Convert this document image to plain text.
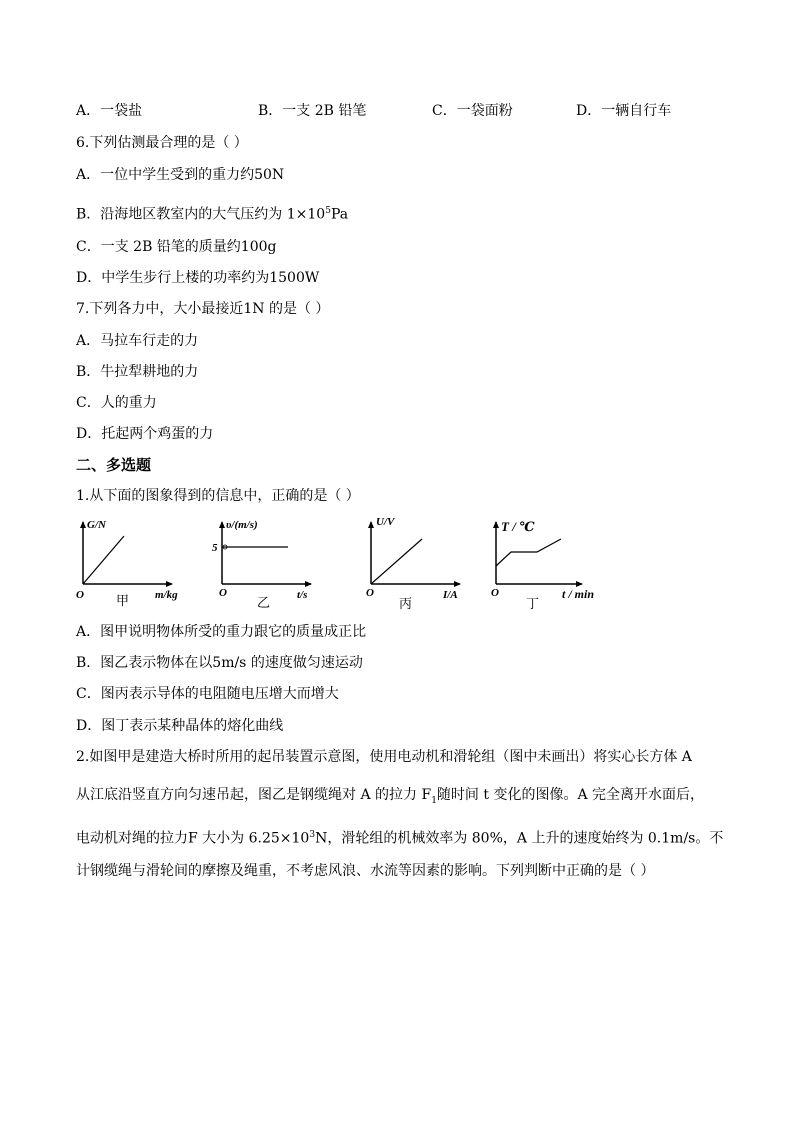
A．一袋盐	B．一支 2B 铅笔	C．一袋面粉	D．一辆自行车
6.下列估测最合理的是（ ）
A．一位中学生受到的重力约50N
B．沿海地区教室内的大气压约为 $1\times 10^5Pa$
C．一支 2B 铅笔的质量约100g
D．中学生步行上楼的功率约为1500W
7.下列各力中，大小最接近1N 的是（ ）
A．马拉车行走的力
B．牛拉犁耕地的力
C．人的重力
D．托起两个鸡蛋的力
二、多选题
1.从下面的图象得到的信息中，正确的是（ ）
G/N
m/kg
O 甲
υ/(m/s)
5
t/s
O
乙
U/V
I/A
O
丙
T / ℃
t / min
O
丁
A．图甲说明物体所受的重力跟它的质量成正比
B．图乙表示物体在以5m/s 的速度做匀速运动
C．图丙表示导体的电阻随电压增大而增大
D．图丁表示某种晶体的熔化曲线
2.如图甲是建造大桥时所用的起吊装置示意图，使用电动机和滑轮组（图中未画出）将实心长方体 A
从江底沿竖直方向匀速吊起，图乙是钢缆绳对 A 的拉力 $F_1$随时间 t 变化的图像。A 完全离开水面后，
电动机对绳的拉力F 大小为 $6.25\times 10^3N$，滑轮组的机械效率为 80%，A 上升的速度始终为 0.1m/s。不
计钢缆绳与滑轮间的摩擦及绳重，不考虑风浪、水流等因素的影响。下列判断中正确的是（ ）
